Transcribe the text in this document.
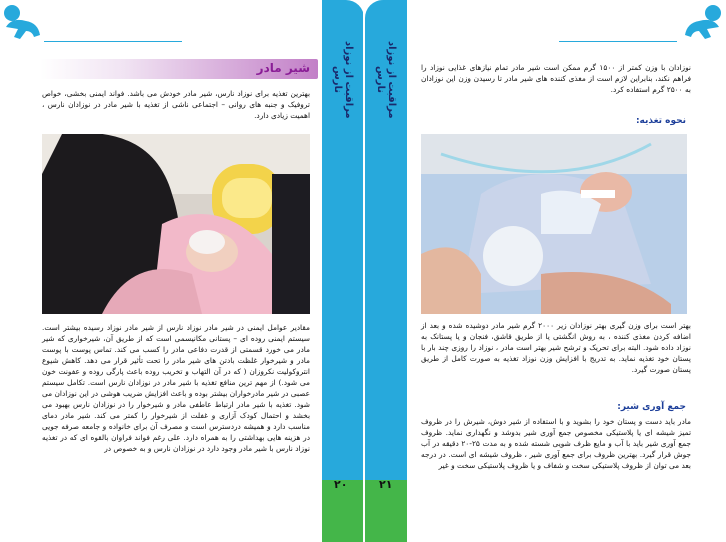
شیر مادر
بهترین تغذیه برای نوزاد نارس، شیر مادر خودش می باشد. فواند ایمنی بخشی، خواص تروفیک و جنبه های روانی – اجتماعی ناشی از تغذیه با شیر مادر در نوزادان نارس ، اهمیت زیادی دارد.
مقادیر عوامل ایمنی در شیر مادر نوزاد نارس از شیر مادر نوزاد رسیده بیشتر است. سیستم ایمنی روده ای – پستانی مکانیسمی است که از طریق آن، شیرخواری که شیر مادر می خورد قسمتی از قدرت دفاعی مادر را کسب می کند. تماس پوست با پوست مادر و شیرخوار غلظت بادتن های شیر مادر را تحت تأثیر قرار می دهد. کاهش شیوع انتروکولیت نکروزان ( که در آن التهاب و تخریب روده باعث پارگی روده و عفونت خون می شود.) از مهم ترین منافع تغذیه با شیر مادر در نوزادان نارس است. تکامل سیستم عصبی در شیر مادرخواران بیشتر بوده و باعث افزایش ضریب هوشی در این نوزادان می شود. تغذیه با شیر مادر ارتباط عاطفی مادر و شیرخوار را در نوزادان نارس بهبود می بخشد و احتمال کودک آزاری و غفلت از شیرخوار را کمتر می کند. شیر مادر دمای مناسب دارد و همیشه دردسترس است و مصرف آن برای خانواده و جامعه صرفه جویی در هزینه هایی بهداشتی را به همراه دارد. علی رغم فواند فراوان بالقوه ای که در تغذیه نوزاد نارس با شیر مادر وجود دارد در نوزادان نارس و به خصوص در
مراقبت از نوزاد نارس	مراقبت از نوزاد نارس
۲۰	۲۱
نوزادان با وزن کمتر از ۱۵۰۰ گرم ممکن است شیر مادر تمام نیازهای غذایی نوزاد را فراهم نکند، بنابراین لازم است از مغذی کننده های شیر مادر تا رسیدن وزن این نوزادان به ۲۵۰۰ گرم استفاده کرد.
نحوه تغذیه:
بهتر است برای وزن گیری بهتر نوزادان زیر ۲۰۰۰ گرم شیر مادر دوشیده شده و بعد از اضافه کردن مغذی کننده ، به روش انگشتی یا از طریق قاشق، فنجان و یا پستانک به نوزاد داده شود. البته برای تحریک و ترشح شیر بهتر است مادر ، نوزاد را روزی چند بار با پستان خود تغذیه نماید. به تدریج با افزایش وزن نوزاد تغذیه به صورت کامل از طریق پستان صورت گیرد.
جمع آوری شیر:
مادر باید دست و پستان خود را بشوید و با استفاده از شیر دوش، شیرش را در ظروف تمیز شیشه ای یا پلاستیکی مخصوص جمع آوری شیر بدوشد و نگهداری نماید. ظروف جمع آوری شیر باید با آب و مایع ظرف شویی شسته شده و به مدت ۲۵-۲۰ دقیقه در آب جوش قرار گیرد. بهترین ظروف برای جمع آوری شیر ، ظروف شیشه ای است. در درجه بعد می توان از ظروف پلاستیکی سخت و شفاف و یا ظروف پلاستیکی سخت و غیر
